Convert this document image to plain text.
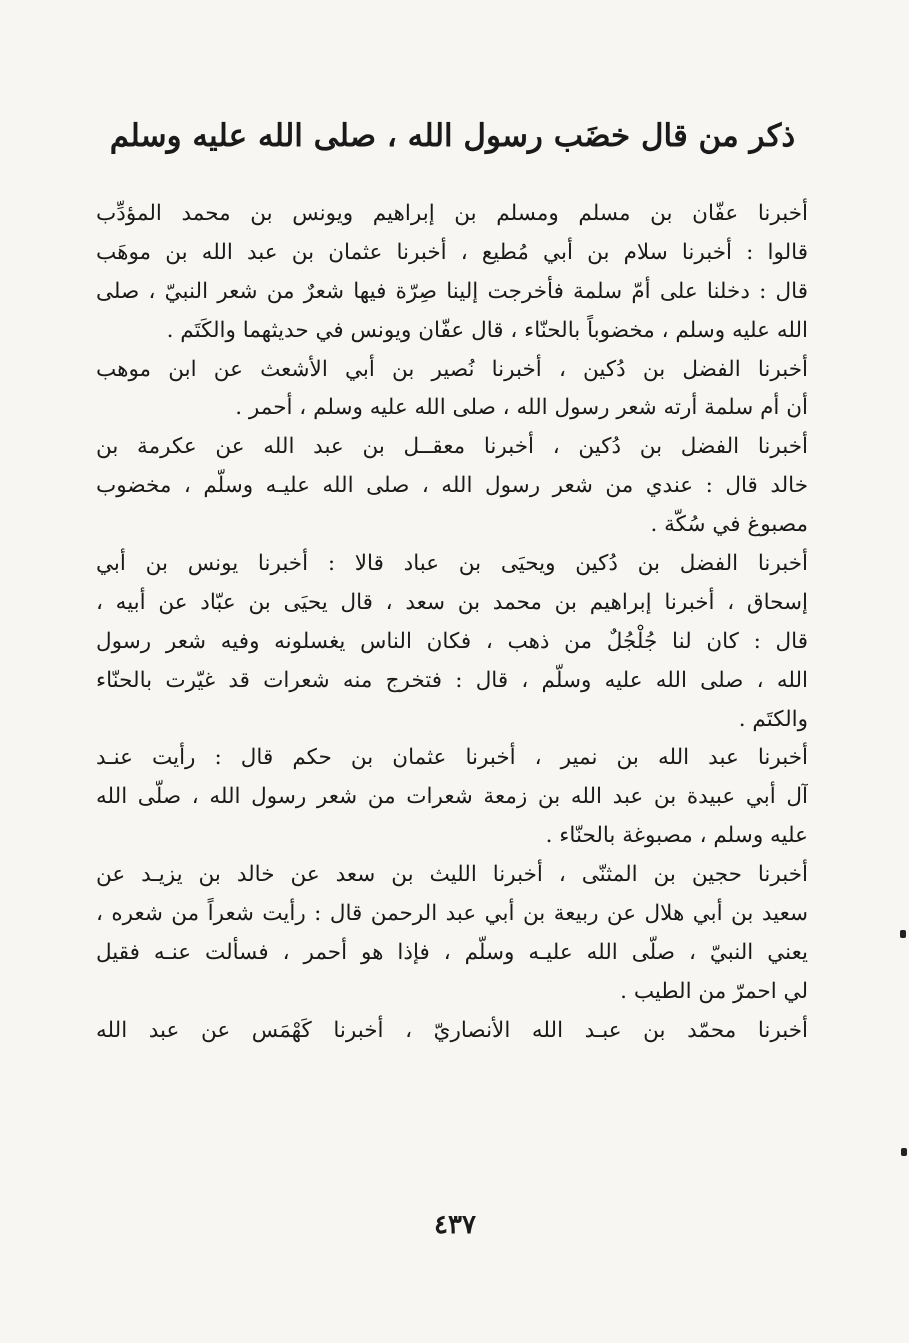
ذكر من قال خضَب رسول الله ، صلى الله عليه وسلم

أخبرنا عفّان بن مسلم ومسلم بن إبراهيم ويونس بن محمد المؤدِّب
قالوا : أخبرنا سلام بن أبي مُطيع ، أخبرنا عثمان بن عبد الله بن موهَب
قال : دخلنا على أمّ سلمة فأخرجت إلينا صِرّة فيها شعرٌ من شعر النبيّ ، صلى
الله عليه وسلم ، مخضوباً بالحنّاء ، قال عفّان ويونس في حديثهما والكَتَم .

أخبرنا الفضل بن دُكين ، أخبرنا نُصير بن أبي الأشعث عن ابن موهب
أن أم سلمة أرته شعر رسول الله ، صلى الله عليه وسلم ، أحمر .

أخبرنا الفضل بن دُكين ، أخبرنا معقــل بن عبد الله عن عكرمة بن
خالد قال : عندي من شعر رسول الله ، صلى الله عليـه وسلّم ، مخضوب
مصبوغ في سُكّة .

أخبرنا الفضل بن دُكين ويحيَى بن عباد قالا : أخبرنا يونس بن أبي
إسحاق ، أخبرنا إبراهيم بن محمد بن سعد ، قال يحيَى بن عبّاد عن أبيه ،
قال : كان لنا جُلْجُلٌ من ذهب ، فكان الناس يغسلونه وفيه شعر رسول
الله ، صلى الله عليه وسلّم ، قال : فتخرج منه شعرات قد غيّرت بالحنّاء
والكتَم .

أخبرنا عبد الله بن نمير ، أخبرنا عثمان بن حكم قال : رأيت عنـد
آل أبي عبيدة بن عبد الله بن زمعة شعرات من شعر رسول الله ، صلّى الله
عليه وسلم ، مصبوغة بالحنّاء .

أخبرنا حجين بن المثنّى ، أخبرنا الليث بن سعد عن خالد بن يزيـد عن
سعيد بن أبي هلال عن ربيعة بن أبي عبد الرحمن قال : رأيت شعراً من شعره ،
يعني النبيّ ، صلّى الله عليـه وسلّم ، فإذا هو أحمر ، فسألت عنـه فقيل
لي احمرّ من الطيب .

أخبرنا محمّد بن عبـد الله الأنصاريّ ، أخبرنا كَهْمَس عن عبد الله

٤٣٧
